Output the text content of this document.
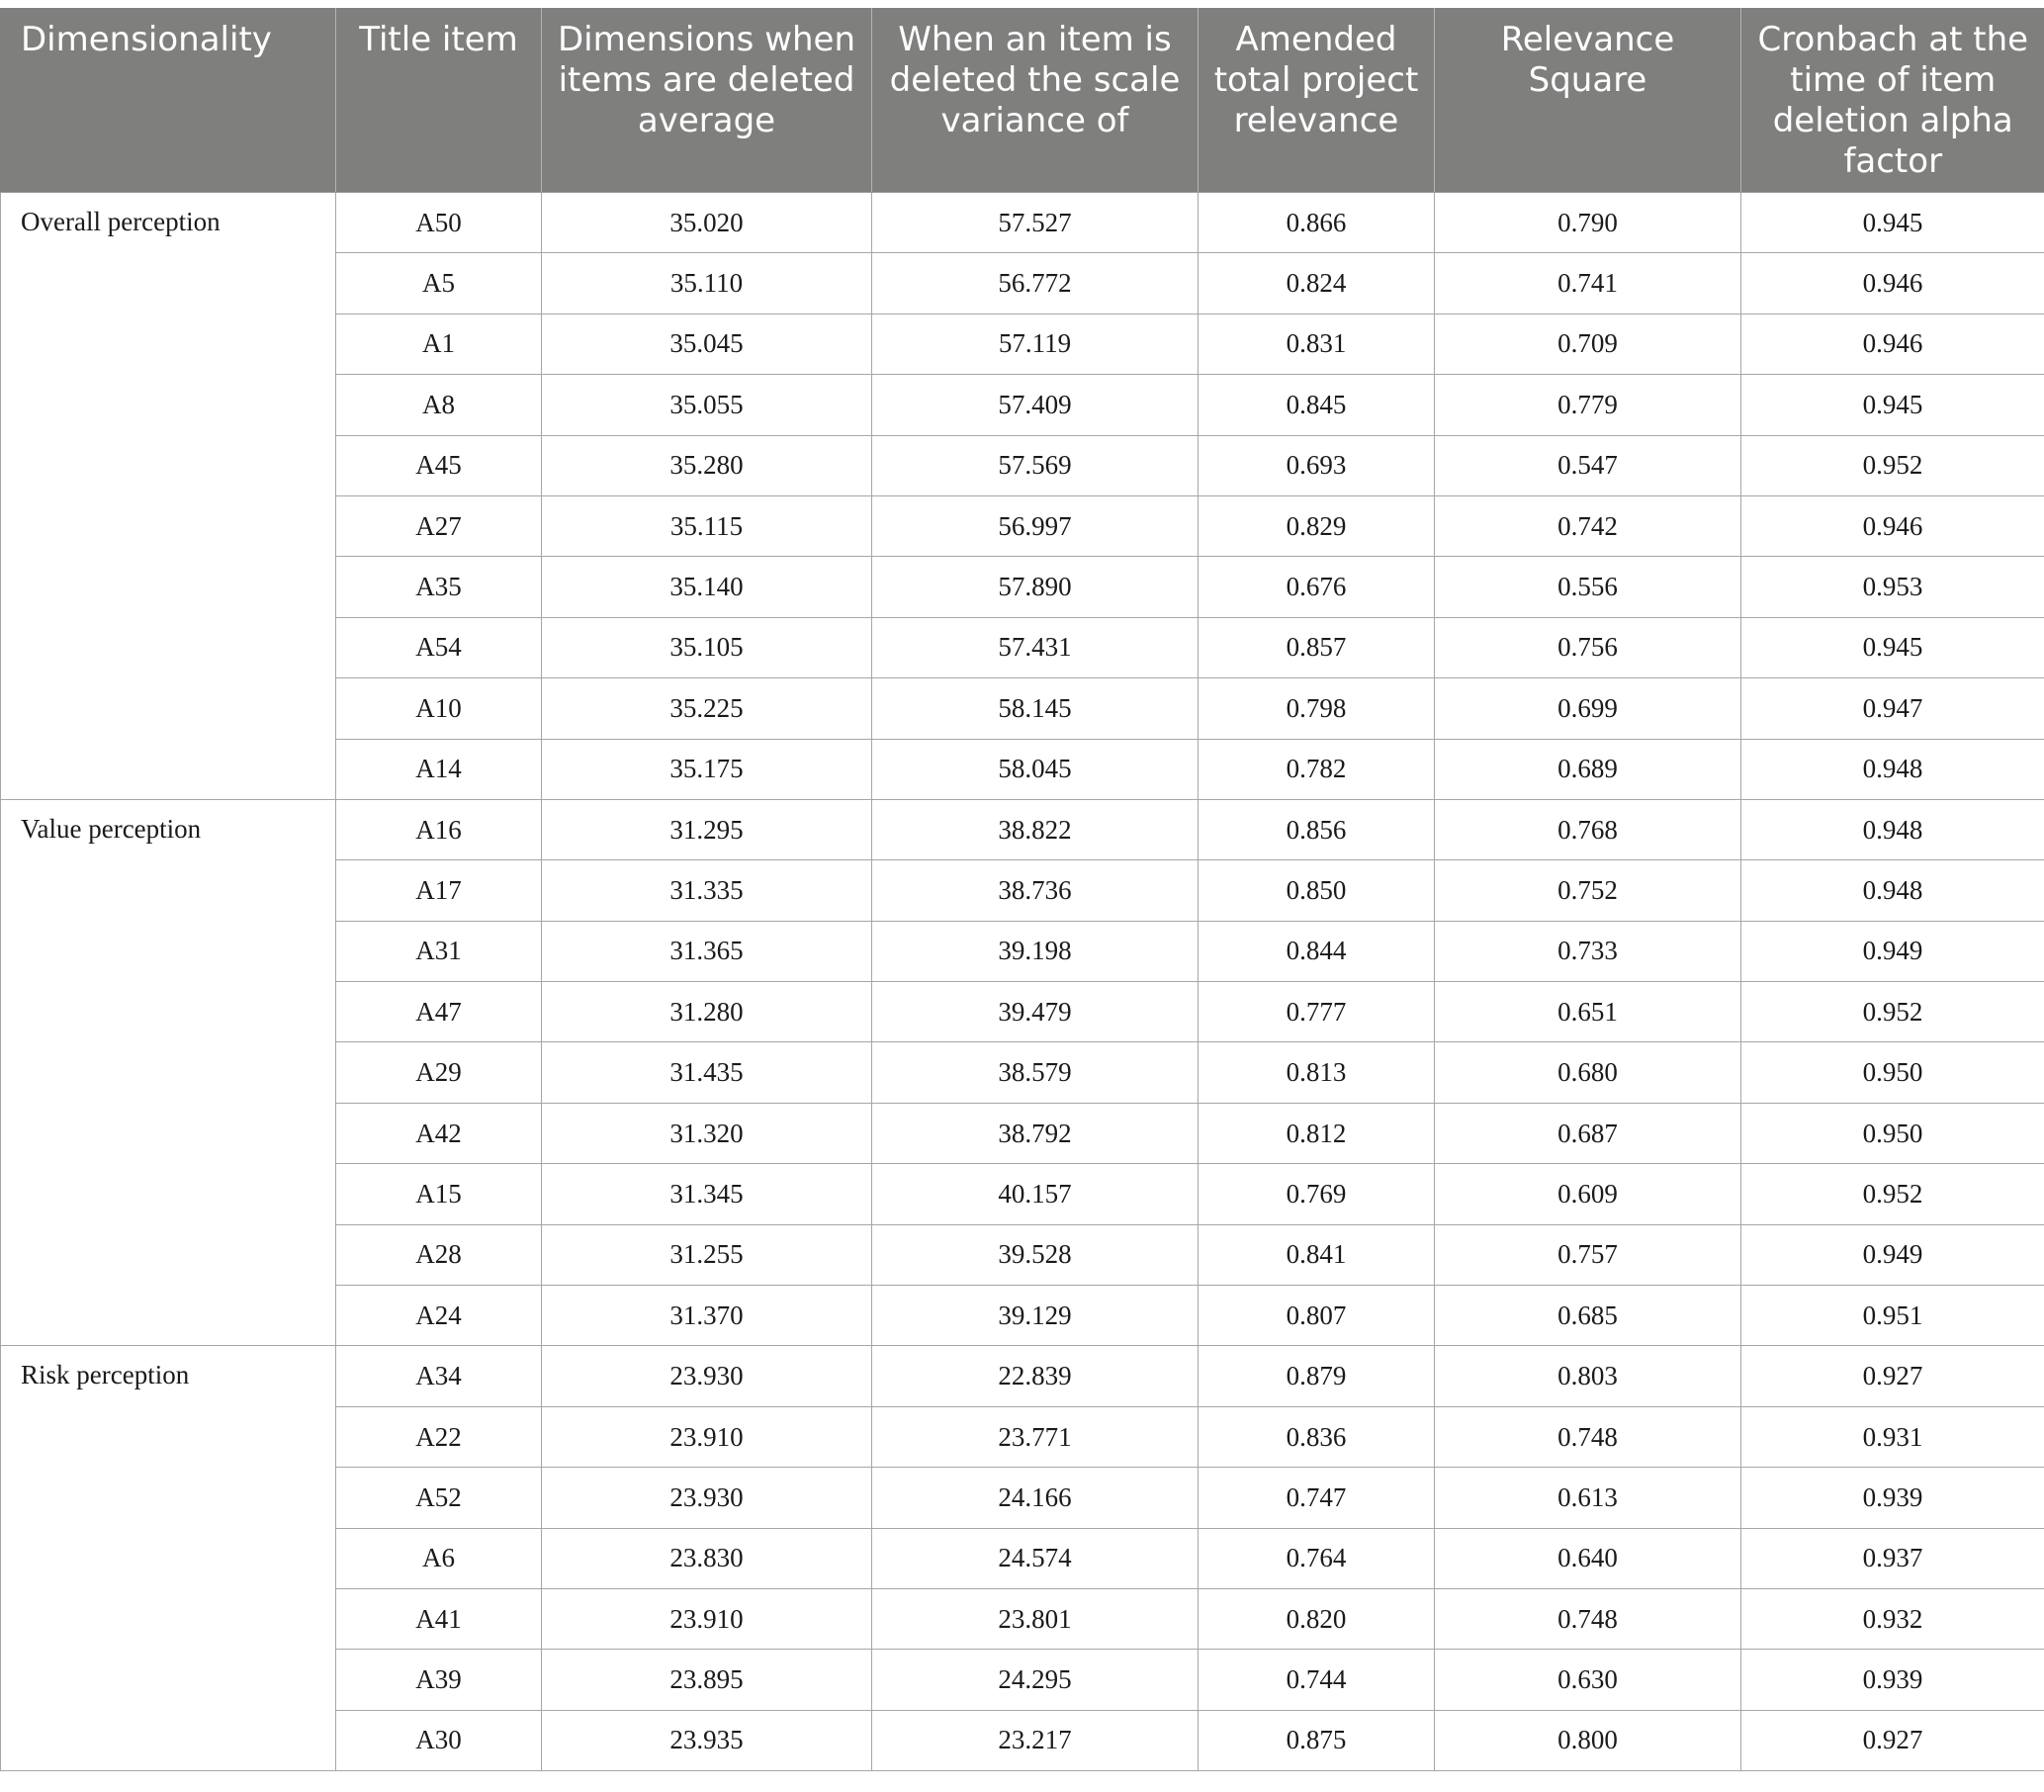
Dimensionality	Title item	Dimensions when items are deleted average	When an item is deleted the scale variance of	Amended total project relevance	Relevance Square	Cronbach at the time of item deletion alpha factor
Overall perception	A50	35.020	57.527	0.866	0.790	0.945
	A5	35.110	56.772	0.824	0.741	0.946
	A1	35.045	57.119	0.831	0.709	0.946
	A8	35.055	57.409	0.845	0.779	0.945
	A45	35.280	57.569	0.693	0.547	0.952
	A27	35.115	56.997	0.829	0.742	0.946
	A35	35.140	57.890	0.676	0.556	0.953
	A54	35.105	57.431	0.857	0.756	0.945
	A10	35.225	58.145	0.798	0.699	0.947
	A14	35.175	58.045	0.782	0.689	0.948
Value perception	A16	31.295	38.822	0.856	0.768	0.948
	A17	31.335	38.736	0.850	0.752	0.948
	A31	31.365	39.198	0.844	0.733	0.949
	A47	31.280	39.479	0.777	0.651	0.952
	A29	31.435	38.579	0.813	0.680	0.950
	A42	31.320	38.792	0.812	0.687	0.950
	A15	31.345	40.157	0.769	0.609	0.952
	A28	31.255	39.528	0.841	0.757	0.949
	A24	31.370	39.129	0.807	0.685	0.951
Risk perception	A34	23.930	22.839	0.879	0.803	0.927
	A22	23.910	23.771	0.836	0.748	0.931
	A52	23.930	24.166	0.747	0.613	0.939
	A6	23.830	24.574	0.764	0.640	0.937
	A41	23.910	23.801	0.820	0.748	0.932
	A39	23.895	24.295	0.744	0.630	0.939
	A30	23.935	23.217	0.875	0.800	0.927
